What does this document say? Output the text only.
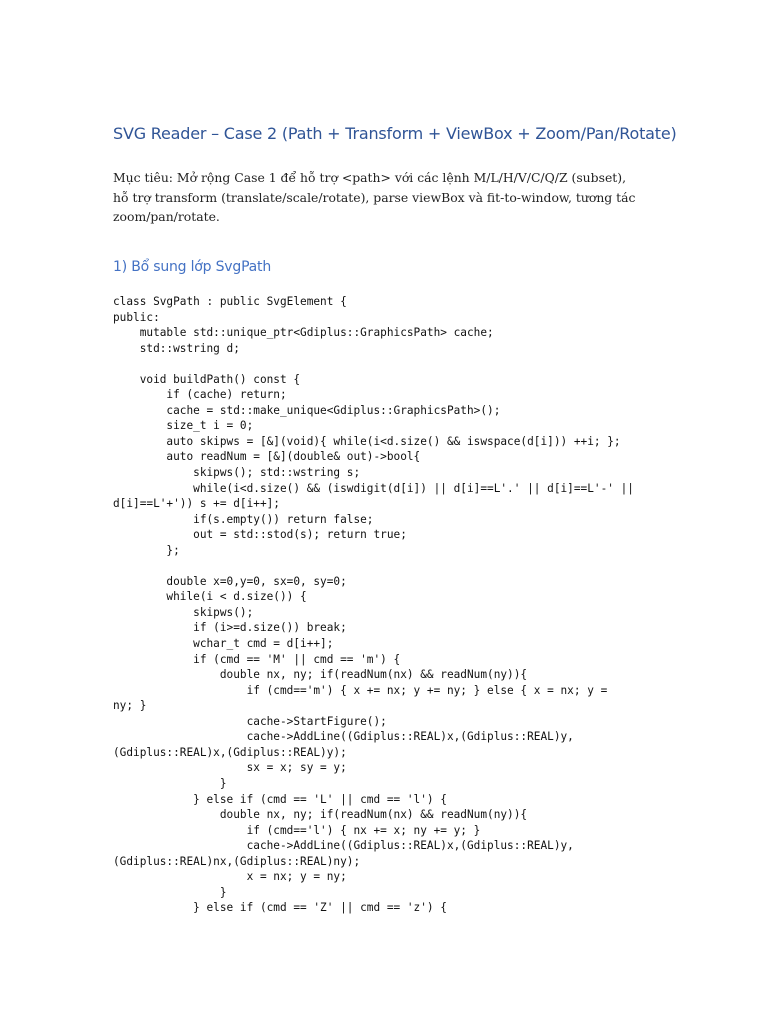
SVG Reader – Case 2 (Path + Transform + ViewBox + Zoom/Pan/Rotate)

Mục tiêu: Mở rộng Case 1 để hỗ trợ <path> với các lệnh M/L/H/V/C/Q/Z (subset),
hỗ trợ transform (translate/scale/rotate), parse viewBox và fit-to-window, tương tác
zoom/pan/rotate.

1) Bổ sung lớp SvgPath
class SvgPath : public SvgElement {
public:
mutable std::unique_ptr<Gdiplus::GraphicsPath> cache;
std::wstring d;
void buildPath() const {
if (cache) return;
cache = std::make_unique<Gdiplus::GraphicsPath>();
size_t i = 0;
auto skipws = [&](void){ while(i<d.size() && iswspace(d[i])) ++i; };
auto readNum = [&](double& out)->bool{
skipws(); std::wstring s;
while(i<d.size() && (iswdigit(d[i]) || d[i]==L'.' || d[i]==L'-' ||
d[i]==L'+')) s += d[i++];
if(s.empty()) return false;
out = std::stod(s); return true;
};
double x=0,y=0, sx=0, sy=0;
while(i < d.size()) {
skipws();
if (i>=d.size()) break;
wchar_t cmd = d[i++];
if (cmd == 'M' || cmd == 'm') {
double nx, ny; if(readNum(nx) && readNum(ny)){
if (cmd=='m') { x += nx; y += ny; } else { x = nx; y =
ny; }
cache->StartFigure();
cache->AddLine((Gdiplus::REAL)x,(Gdiplus::REAL)y,
(Gdiplus::REAL)x,(Gdiplus::REAL)y);
sx = x; sy = y;
}
} else if (cmd == 'L' || cmd == 'l') {
double nx, ny; if(readNum(nx) && readNum(ny)){
if (cmd=='l') { nx += x; ny += y; }
cache->AddLine((Gdiplus::REAL)x,(Gdiplus::REAL)y,
(Gdiplus::REAL)nx,(Gdiplus::REAL)ny);
x = nx; y = ny;
}
} else if (cmd == 'Z' || cmd == 'z') {
